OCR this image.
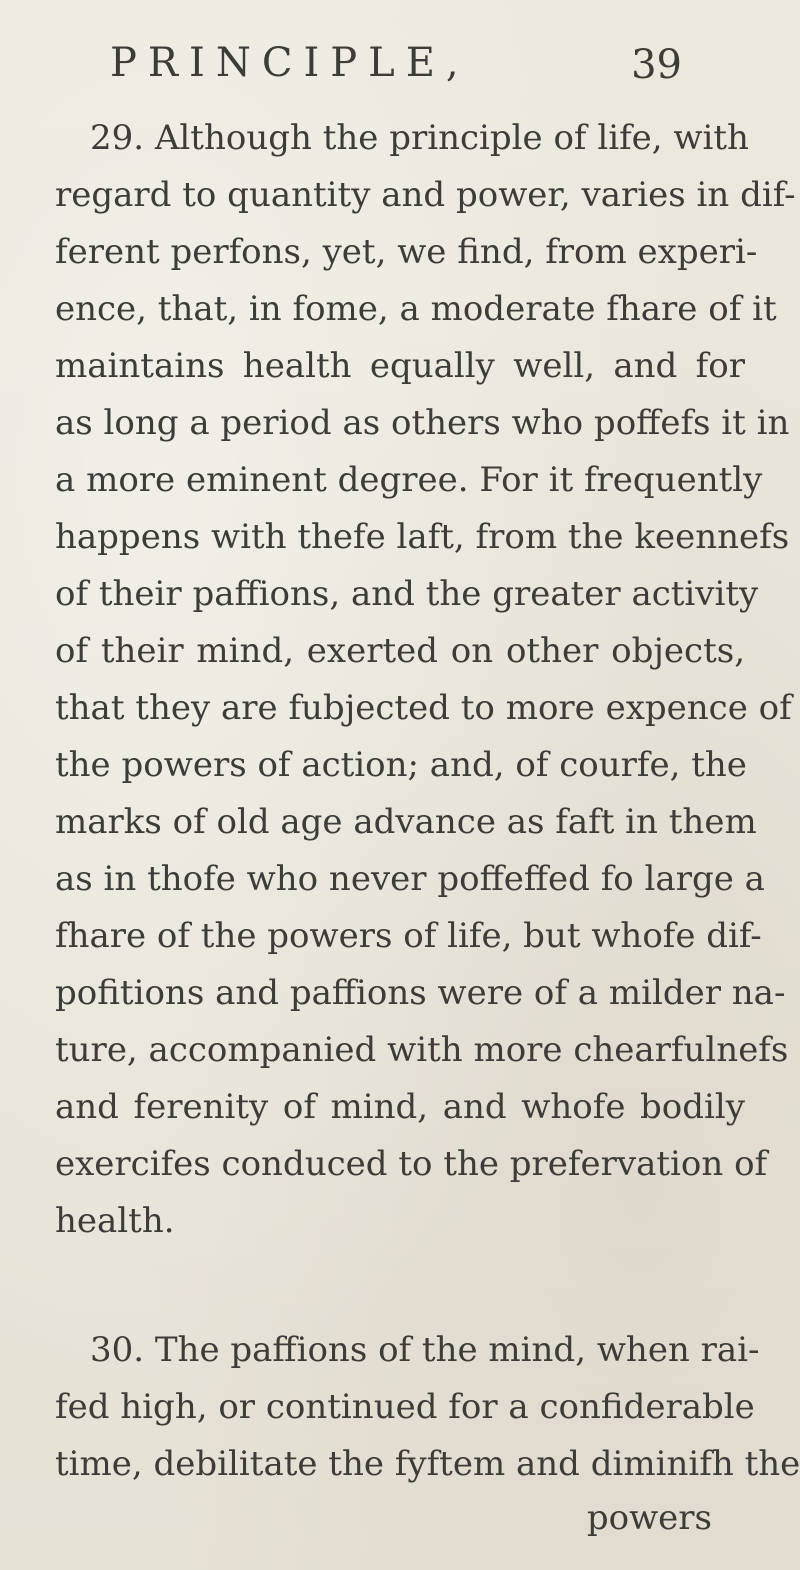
PRINCIPLE,	39
29. Although the principle of life, with
regard to quantity and power, varies in dif-
ferent perfons, yet, we find, from experi-
ence, that, in fome, a moderate fhare of it
maintains health equally well, and for
as long a period as others who poffefs it in
a more eminent degree. For it frequently
happens with thefe laft, from the keennefs
of their paffions, and the greater activity
of their mind, exerted on other objects,
that they are fubjected to more expence of
the powers of action; and, of courfe, the
marks of old age advance as faft in them
as in thofe who never poffeffed fo large a
fhare of the powers of life, but whofe dif-
pofitions and paffions were of a milder na-
ture, accompanied with more chearfulnefs
and ferenity of mind, and whofe bodily
exercifes conduced to the prefervation of
health.
30. The paffions of the mind, when rai-
fed high, or continued for a confiderable
time, debilitate the fyftem and diminifh the
powers
